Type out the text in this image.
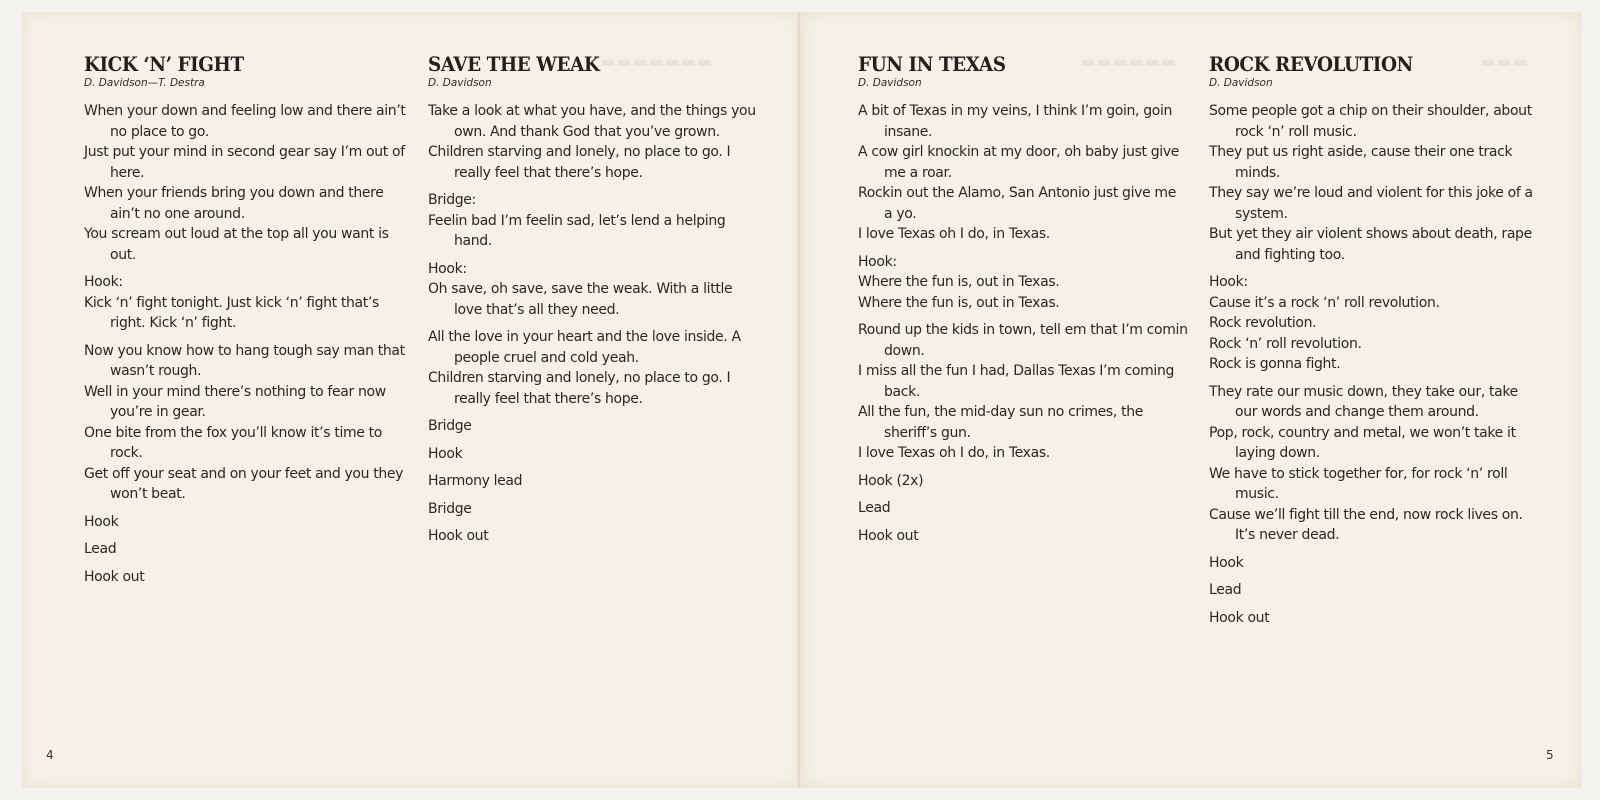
▬▬▬▬▬▬▬	▬▬▬▬▬▬	▬▬▬
KICK ‘N’ FIGHT
D. Davidson—T. Destra
When your down and feeling low and there ain’t no place to go.
Just put your mind in second gear say I’m out of here.
When your friends bring you down and there ain’t no one around.
You scream out loud at the top all you want is out.
Hook:
Kick ‘n’ fight tonight. Just kick ‘n’ fight that’s right. Kick ‘n’ fight.
Now you know how to hang tough say man that wasn’t rough.
Well in your mind there’s nothing to fear now you’re in gear.
One bite from the fox you’ll know it’s time to rock.
Get off your seat and on your feet and you they won’t beat.
Hook
Lead
Hook out
SAVE THE WEAK
D. Davidson
Take a look at what you have, and the things you own. And thank God that you’ve grown.
Children starving and lonely, no place to go. I really feel that there’s hope.
Bridge:
Feelin bad I’m feelin sad, let’s lend a helping hand.
Hook:
Oh save, oh save, save the weak. With a little love that’s all they need.
All the love in your heart and the love inside. A people cruel and cold yeah.
Children starving and lonely, no place to go. I really feel that there’s hope.
Bridge
Hook
Harmony lead
Bridge
Hook out
FUN IN TEXAS
D. Davidson
A bit of Texas in my veins, I think I’m goin, goin insane.
A cow girl knockin at my door, oh baby just give me a roar.
Rockin out the Alamo, San Antonio just give me a yo.
I love Texas oh I do, in Texas.
Hook:
Where the fun is, out in Texas.
Where the fun is, out in Texas.
Round up the kids in town, tell em that I’m comin down.
I miss all the fun I had, Dallas Texas I’m coming back.
All the fun, the mid-day sun no crimes, the sheriff’s gun.
I love Texas oh I do, in Texas.
Hook (2x)
Lead
Hook out
ROCK REVOLUTION
D. Davidson
Some people got a chip on their shoulder, about rock ‘n’ roll music.
They put us right aside, cause their one track minds.
They say we’re loud and violent for this joke of a system.
But yet they air violent shows about death, rape and fighting too.
Hook:
Cause it’s a rock ‘n’ roll revolution.
Rock revolution.
Rock ‘n’ roll revolution.
Rock is gonna fight.
They rate our music down, they take our, take our words and change them around.
Pop, rock, country and metal, we won’t take it laying down.
We have to stick together for, for rock ‘n’ roll music.
Cause we’ll fight till the end, now rock lives on. It’s never dead.
Hook
Lead
Hook out
4	5
